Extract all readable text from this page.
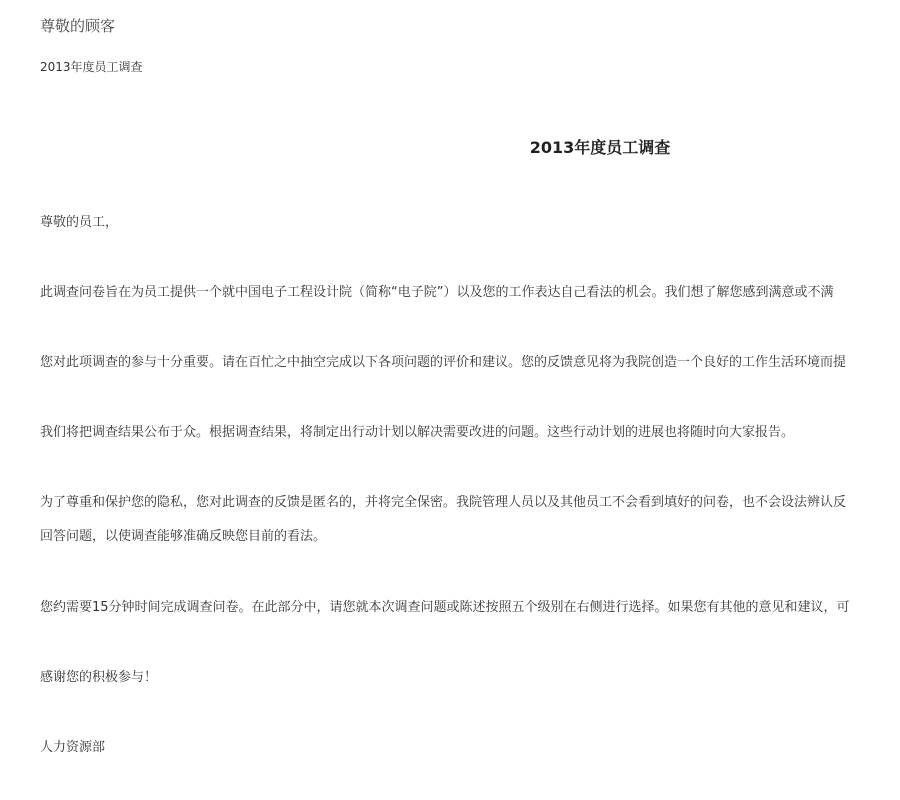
尊敬的顾客
2013年度员工调查
2013年度员工调查
尊敬的员工，
此调查问卷旨在为员工提供一个就中国电子工程设计院（简称“电子院”）以及您的工作表达自己看法的机会。我们想了解您感到满意或不满
您对此项调查的参与十分重要。请在百忙之中抽空完成以下各项问题的评价和建议。您的反馈意见将为我院创造一个良好的工作生活环境而提
我们将把调查结果公布于众。根据调查结果，将制定出行动计划以解决需要改进的问题。这些行动计划的进展也将随时向大家报告。
为了尊重和保护您的隐私，您对此调查的反馈是匿名的，并将完全保密。我院管理人员以及其他员工不会看到填好的问卷，也不会设法辨认反
回答问题，以使调查能够准确反映您目前的看法。
您约需要15分钟时间完成调查问卷。在此部分中，请您就本次调查问题或陈述按照五个级别在右侧进行选择。如果您有其他的意见和建议，可
感谢您的积极参与！
人力资源部
